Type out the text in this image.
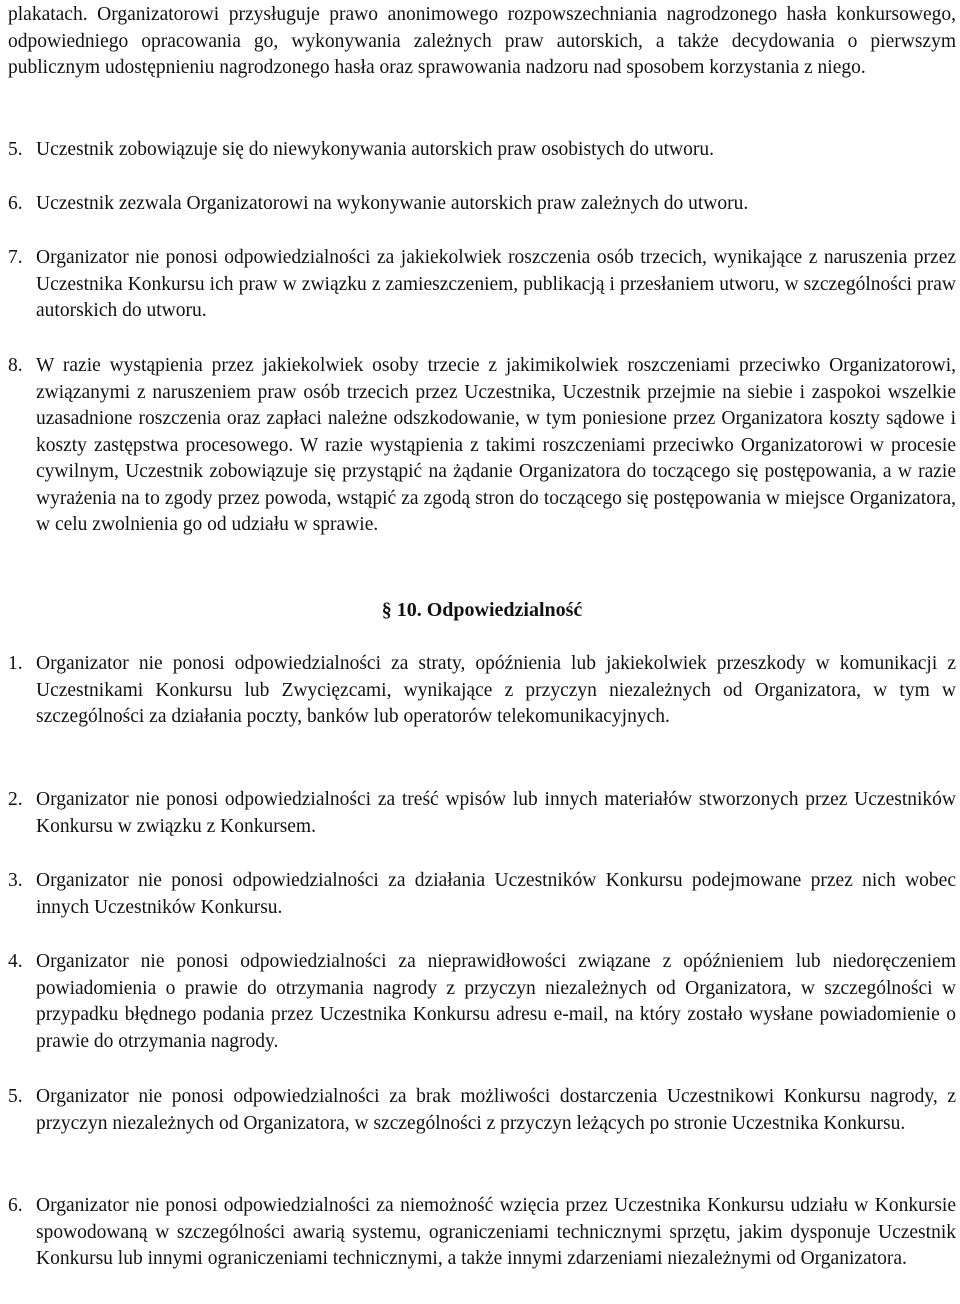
plakatach. Organizatorowi przysługuje prawo anonimowego rozpowszechniania nagrodzonego hasła konkursowego, odpowiedniego opracowania go, wykonywania zależnych praw autorskich, a także decydowania o pierwszym publicznym udostępnieniu nagrodzonego hasła oraz sprawowania nadzoru nad sposobem korzystania z niego.
5. Uczestnik zobowiązuje się do niewykonywania autorskich praw osobistych do utworu.
6. Uczestnik zezwala Organizatorowi na wykonywanie autorskich praw zależnych do utworu.
7. Organizator nie ponosi odpowiedzialności za jakiekolwiek roszczenia osób trzecich, wynikające z naruszenia przez Uczestnika Konkursu ich praw w związku z zamieszczeniem, publikacją i przesłaniem utworu, w szczególności praw autorskich do utworu.
8. W razie wystąpienia przez jakiekolwiek osoby trzecie z jakimikolwiek roszczeniami przeciwko Organizatorowi, związanymi z naruszeniem praw osób trzecich przez Uczestnika, Uczestnik przejmie na siebie i zaspokoi wszelkie uzasadnione roszczenia oraz zapłaci należne odszkodowanie, w tym poniesione przez Organizatora koszty sądowe i koszty zastępstwa procesowego. W razie wystąpienia z takimi roszczeniami przeciwko Organizatorowi w procesie cywilnym, Uczestnik zobowiązuje się przystąpić na żądanie Organizatora do toczącego się postępowania, a w razie wyrażenia na to zgody przez powoda, wstąpić za zgodą stron do toczącego się postępowania w miejsce Organizatora, w celu zwolnienia go od udziału w sprawie.
§ 10. Odpowiedzialność
1. Organizator nie ponosi odpowiedzialności za straty, opóźnienia lub jakiekolwiek przeszkody w komunikacji z Uczestnikami Konkursu lub Zwycięzcami, wynikające z przyczyn niezależnych od Organizatora, w tym w szczególności za działania poczty, banków lub operatorów telekomunikacyjnych.
2. Organizator nie ponosi odpowiedzialności za treść wpisów lub innych materiałów stworzonych przez Uczestników Konkursu w związku z Konkursem.
3. Organizator nie ponosi odpowiedzialności za działania Uczestników Konkursu podejmowane przez nich wobec innych Uczestników Konkursu.
4. Organizator nie ponosi odpowiedzialności za nieprawidłowości związane z opóźnieniem lub niedoręczeniem powiadomienia o prawie do otrzymania nagrody z przyczyn niezależnych od Organizatora, w szczególności w przypadku błędnego podania przez Uczestnika Konkursu adresu e-mail, na który zostało wysłane powiadomienie o prawie do otrzymania nagrody.
5. Organizator nie ponosi odpowiedzialności za brak możliwości dostarczenia Uczestnikowi Konkursu nagrody, z przyczyn niezależnych od Organizatora, w szczególności z przyczyn leżących po stronie Uczestnika Konkursu.
6. Organizator nie ponosi odpowiedzialności za niemożność wzięcia przez Uczestnika Konkursu udziału w Konkursie spowodowaną w szczególności awarią systemu, ograniczeniami technicznymi sprzętu, jakim dysponuje Uczestnik Konkursu lub innymi ograniczeniami technicznymi, a także innymi zdarzeniami niezależnymi od Organizatora.
